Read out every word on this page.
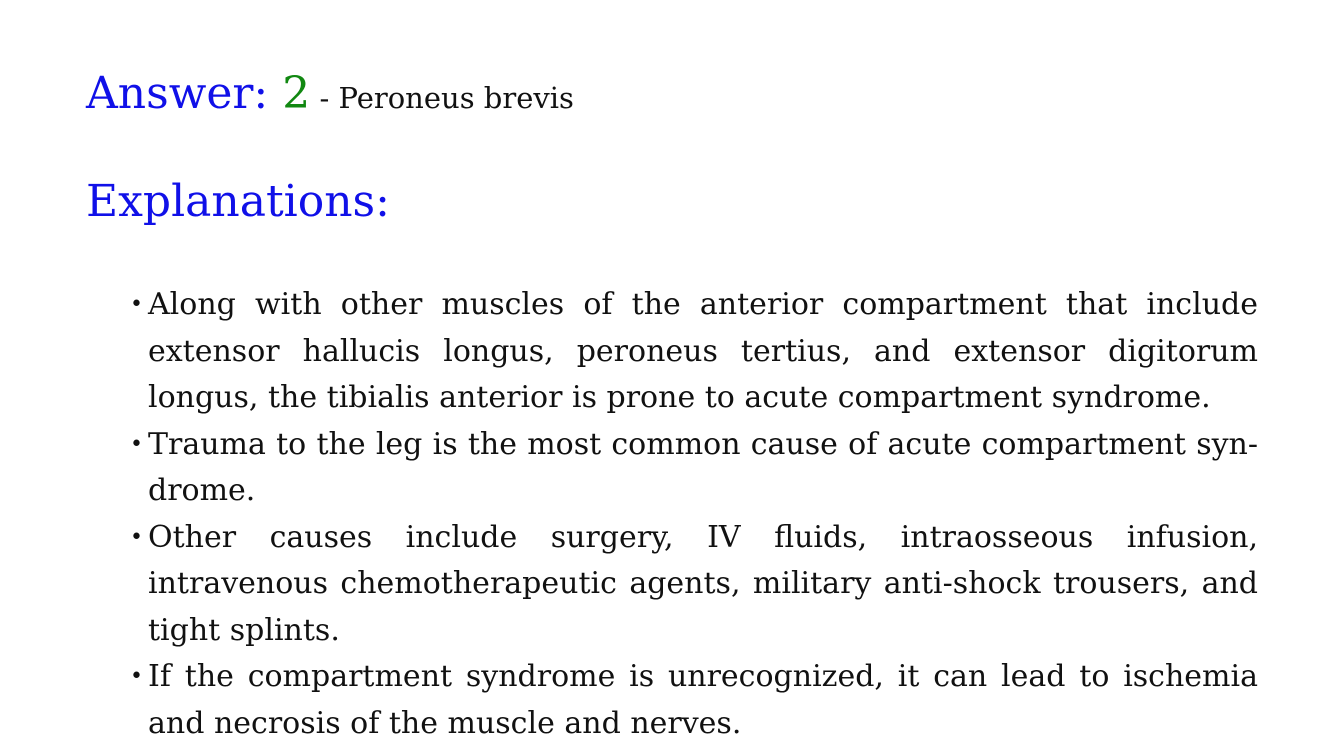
Answer: 2 - Peroneus brevis
Explanations:
• Along with other muscles of the anterior compartment that include extensor hallucis longus, peroneus tertius, and extensor digitorum longus, the tibialis anterior is prone to acute compartment syndrome.
• Trauma to the leg is the most common cause of acute compartment syndrome.
• Other causes include surgery, IV fluids, intraosseous infusion, intravenous chemotherapeutic agents, military anti-shock trousers, and tight splints.
• If the compartment syndrome is unrecognized, it can lead to ischemia and necrosis of the muscle and nerves.
